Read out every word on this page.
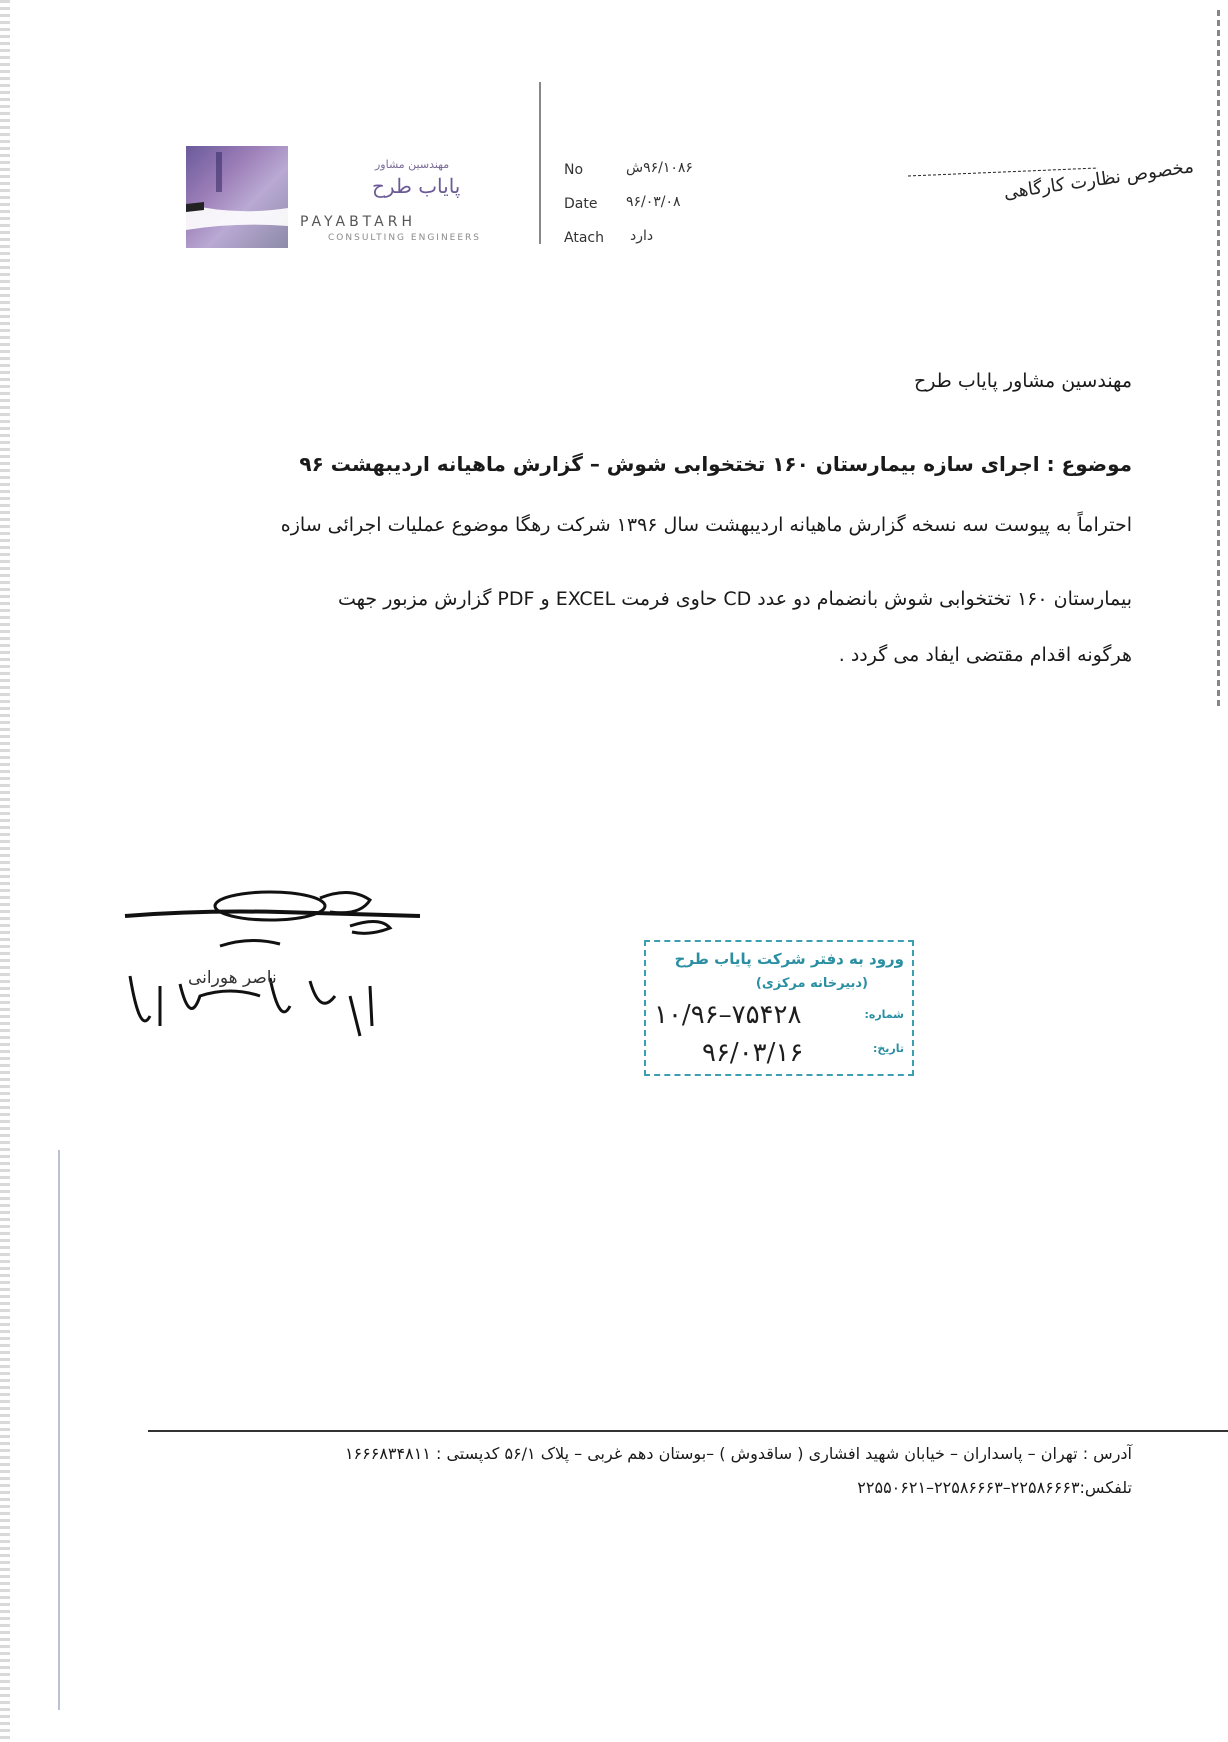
مهندسین مشاور
پایاب طرح
PAYABTARH
CONSULTING ENGINEERS
No	۹۶/۱۰۸۶ش
Date ۹۶/۰۳/۰۸
Atach دارد
مخصوص نظارت کارگاهی
مهندسین مشاور پایاب طرح
موضوع : اجرای سازه بیمارستان ۱۶۰ تختخوابی شوش – گزارش ماهیانه اردیبهشت ۹۶
احتراماً به پیوست سه نسخه گزارش ماهیانه اردیبهشت سال ۱۳۹۶ شرکت رهگا موضوع عملیات اجرائی سازه
بیمارستان ۱۶۰ تختخوابی شوش بانضمام دو عدد CD حاوی فرمت EXCEL و PDF گزارش مزبور جهت
هرگونه اقدام مقتضی ایفاد می گردد .
ناصر هورانی
ورود به دفتر شرکت پایاب طرح
(دبیرخانه مرکزی)
شماره:
تاریخ:
۱۰/۹۶–۷۵۴۲۸
۹۶/۰۳/۱۶
آدرس : تهران – پاسداران – خیابان شهید افشاری ( ساقدوش ) –بوستان دهم غربی – پلاک ۵۶/۱ کدپستی : ۱۶۶۶۸۳۴۸۱۱
تلفکس:۲۲۵۸۶۶۶۳–۲۲۵۸۶۶۶۳–۲۲۵۵۰۶۲۱
